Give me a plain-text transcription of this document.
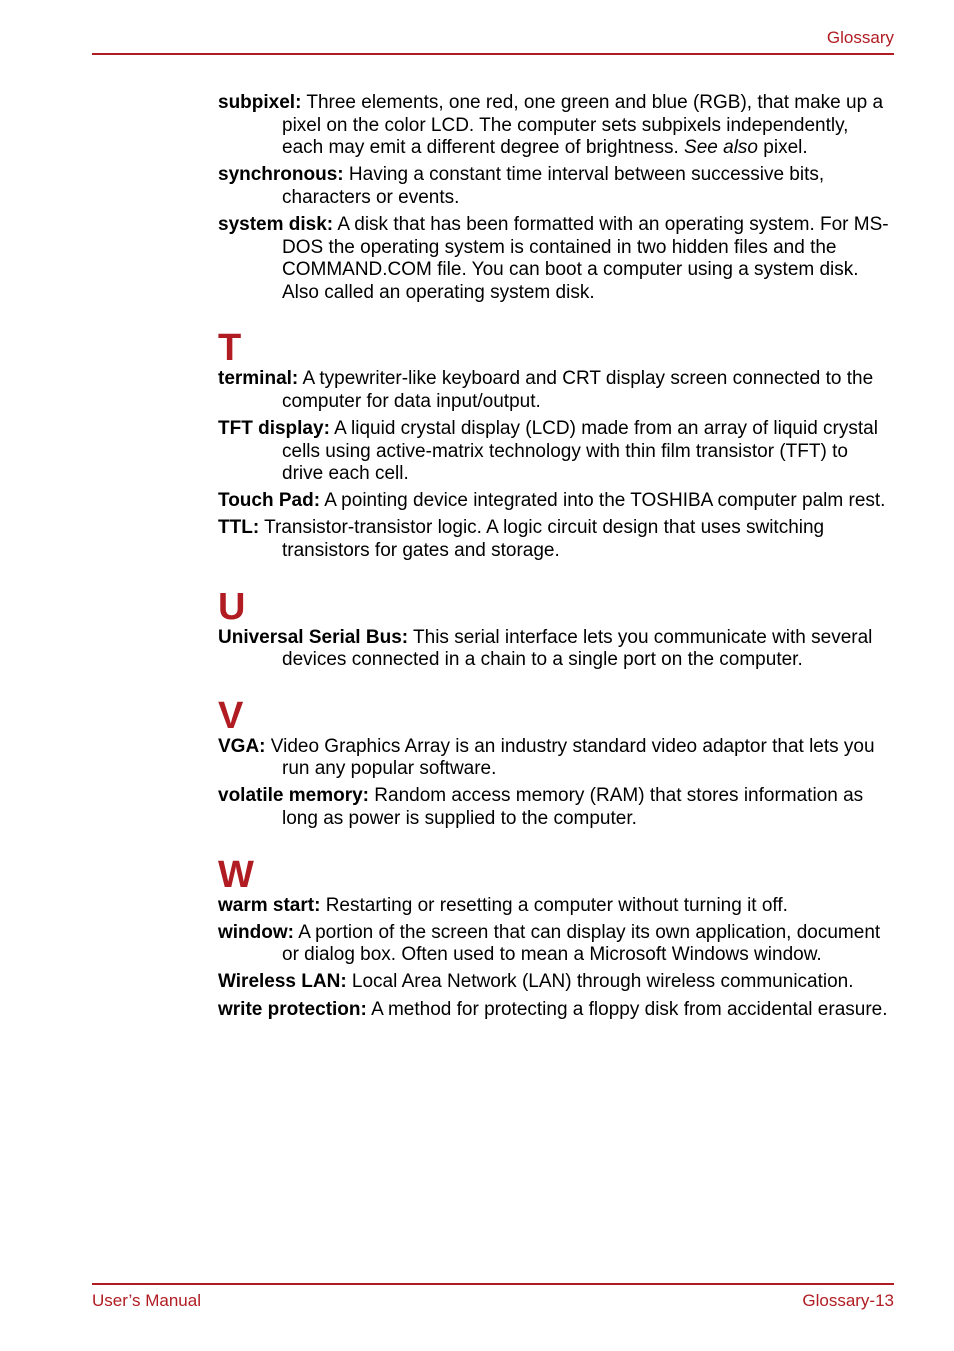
Glossary

subpixel: Three elements, one red, one green and blue (RGB), that make up a pixel on the color LCD. The computer sets subpixels independently, each may emit a different degree of brightness. See also pixel.

synchronous: Having a constant time interval between successive bits, characters or events.

system disk: A disk that has been formatted with an operating system. For MS-DOS the operating system is contained in two hidden files and the COMMAND.COM file. You can boot a computer using a system disk. Also called an operating system disk.

T

terminal: A typewriter-like keyboard and CRT display screen connected to the computer for data input/output.

TFT display: A liquid crystal display (LCD) made from an array of liquid crystal cells using active-matrix technology with thin film transistor (TFT) to drive each cell.

Touch Pad: A pointing device integrated into the TOSHIBA computer palm rest.

TTL: Transistor-transistor logic. A logic circuit design that uses switching transistors for gates and storage.

U

Universal Serial Bus: This serial interface lets you communicate with several devices connected in a chain to a single port on the computer.

V

VGA: Video Graphics Array is an industry standard video adaptor that lets you run any popular software.

volatile memory: Random access memory (RAM) that stores information as long as power is supplied to the computer.

W

warm start: Restarting or resetting a computer without turning it off.

window: A portion of the screen that can display its own application, document or dialog box. Often used to mean a Microsoft Windows window.

Wireless LAN: Local Area Network (LAN) through wireless communication.

write protection: A method for protecting a floppy disk from accidental erasure.

User’s Manual	Glossary-13
